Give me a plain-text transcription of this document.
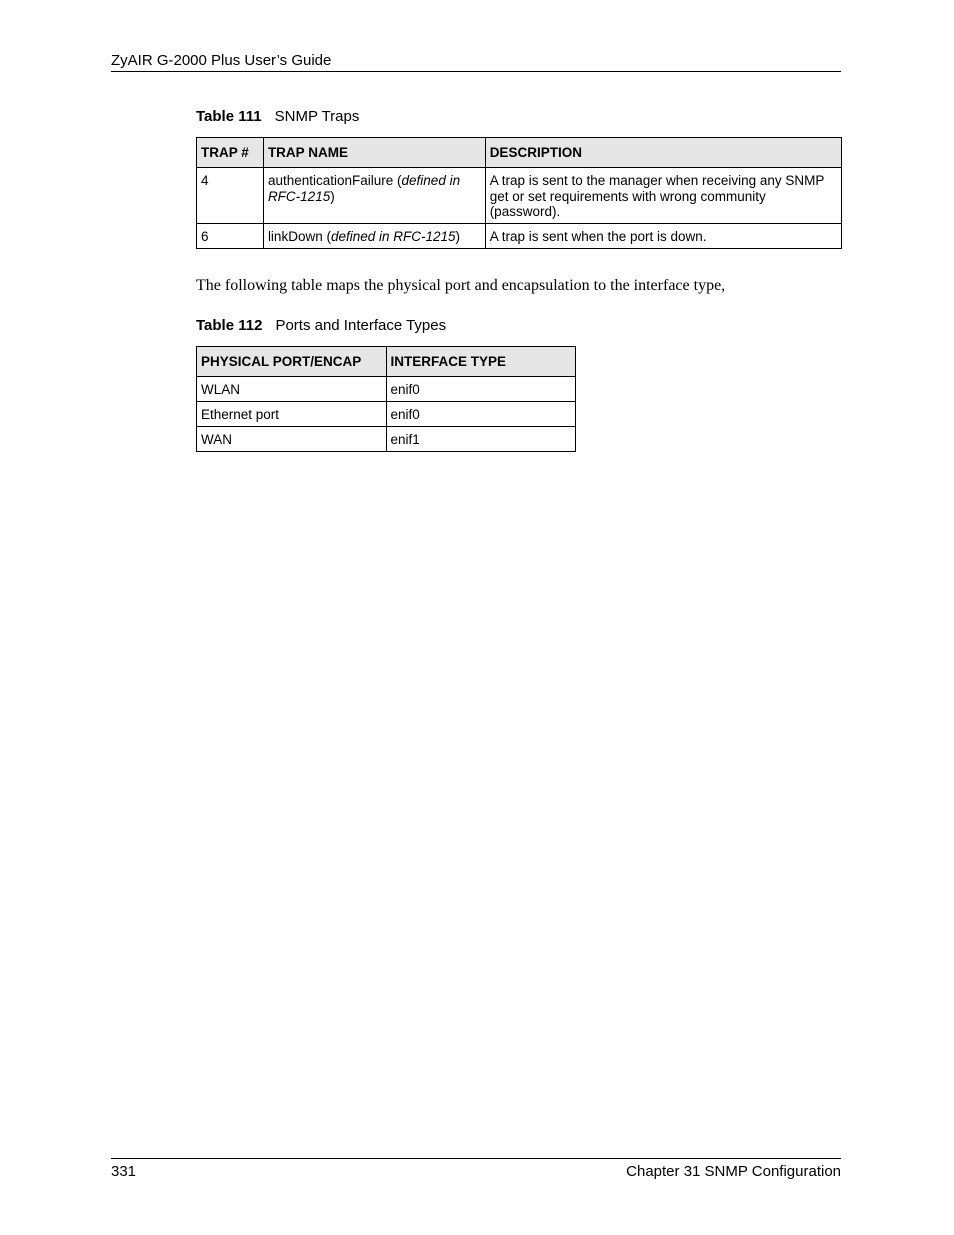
ZyAIR G-2000 Plus User’s Guide
Table 111 SNMP Traps
TRAP #	TRAP NAME	DESCRIPTION
4	authenticationFailure (defined in RFC-1215)	A trap is sent to the manager when receiving any SNMP get or set requirements with wrong community (password).
6	linkDown (defined in RFC-1215)	A trap is sent when the port is down.
The following table maps the physical port and encapsulation to the interface type,
Table 112 Ports and Interface Types
PHYSICAL PORT/ENCAP	INTERFACE TYPE
WLAN	enif0
Ethernet port	enif0
WAN	enif1
331	Chapter 31 SNMP Configuration
